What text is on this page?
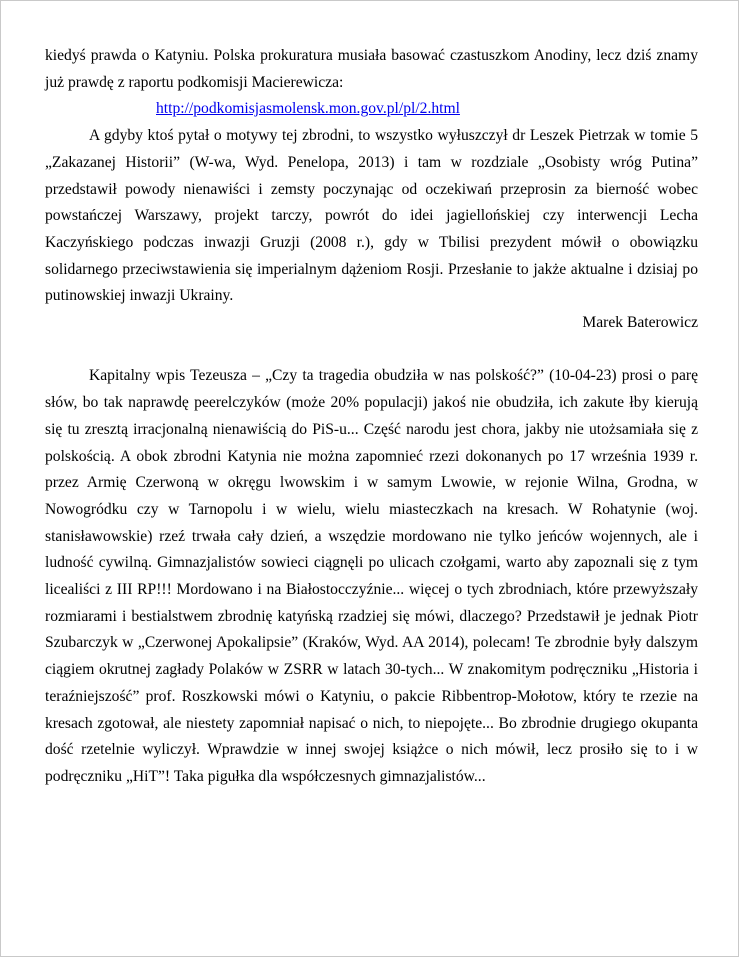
kiedyś prawda o Katyniu. Polska prokuratura musiała basować czastuszkom Anodiny, lecz dziś znamy już prawdę z raportu podkomisji Macierewicza:

http://podkomisjasmolensk.mon.gov.pl/pl/2.html

A gdyby ktoś pytał o motywy tej zbrodni, to wszystko wyłuszczył dr Leszek Pietrzak w tomie 5 „Zakazanej Historii” (W-wa, Wyd. Penelopa, 2013) i tam w rozdziale „Osobisty wróg Putina” przedstawił powody nienawiści i zemsty poczynając od oczekiwań przeprosin za bierność wobec powstańczej Warszawy, projekt tarczy, powrót do idei jagiellońskiej czy interwencji Lecha Kaczyńskiego podczas inwazji Gruzji (2008 r.), gdy w Tbilisi prezydent mówił o obowiązku solidarnego przeciwstawienia się imperialnym dążeniom Rosji. Przesłanie to jakże aktualne i dzisiaj po putinowskiej inwazji Ukrainy.

Marek Baterowicz

Kapitalny wpis Tezeusza – „Czy ta tragedia obudziła w nas polskość?” (10-04-23) prosi o parę słów, bo tak naprawdę peerelczyków (może 20% populacji) jakoś nie obudziła, ich zakute łby kierują się tu zresztą irracjonalną nienawiścią do PiS-u... Część narodu jest chora, jakby nie utożsamiała się z polskością. A obok zbrodni Katynia nie można zapomnieć rzezi dokonanych po 17 września 1939 r. przez Armię Czerwoną w okręgu lwowskim i w samym Lwowie, w rejonie Wilna, Grodna, w Nowogródku czy w Tarnopolu i w wielu, wielu miasteczkach na kresach. W Rohatynie (woj. stanisławowskie) rzeź trwała cały dzień, a wszędzie mordowano nie tylko jeńców wojennych, ale i ludność cywilną. Gimnazjalistów sowieci ciągnęli po ulicach czołgami, warto aby zapoznali się z tym licealiści z III RP!!! Mordowano i na Białostocczyźnie... więcej o tych zbrodniach, które przewyższały rozmiarami i bestialstwem zbrodnię katyńską rzadziej się mówi, dlaczego? Przedstawił je jednak Piotr Szubarczyk w „Czerwonej Apokalipsie” (Kraków, Wyd. AA 2014), polecam! Te zbrodnie były dalszym ciągiem okrutnej zagłady Polaków w ZSRR w latach 30-tych... W znakomitym podręczniku „Historia i teraźniejszość” prof. Roszkowski mówi o Katyniu, o pakcie Ribbentrop-Mołotow, który te rzezie na kresach zgotował, ale niestety zapomniał napisać o nich, to niepojęte... Bo zbrodnie drugiego okupanta dość rzetelnie wyliczył. Wprawdzie w innej swojej książce o nich mówił, lecz prosiło się to i w podręczniku „HiT”! Taka pigułka dla współczesnych gimnazjalistów...
